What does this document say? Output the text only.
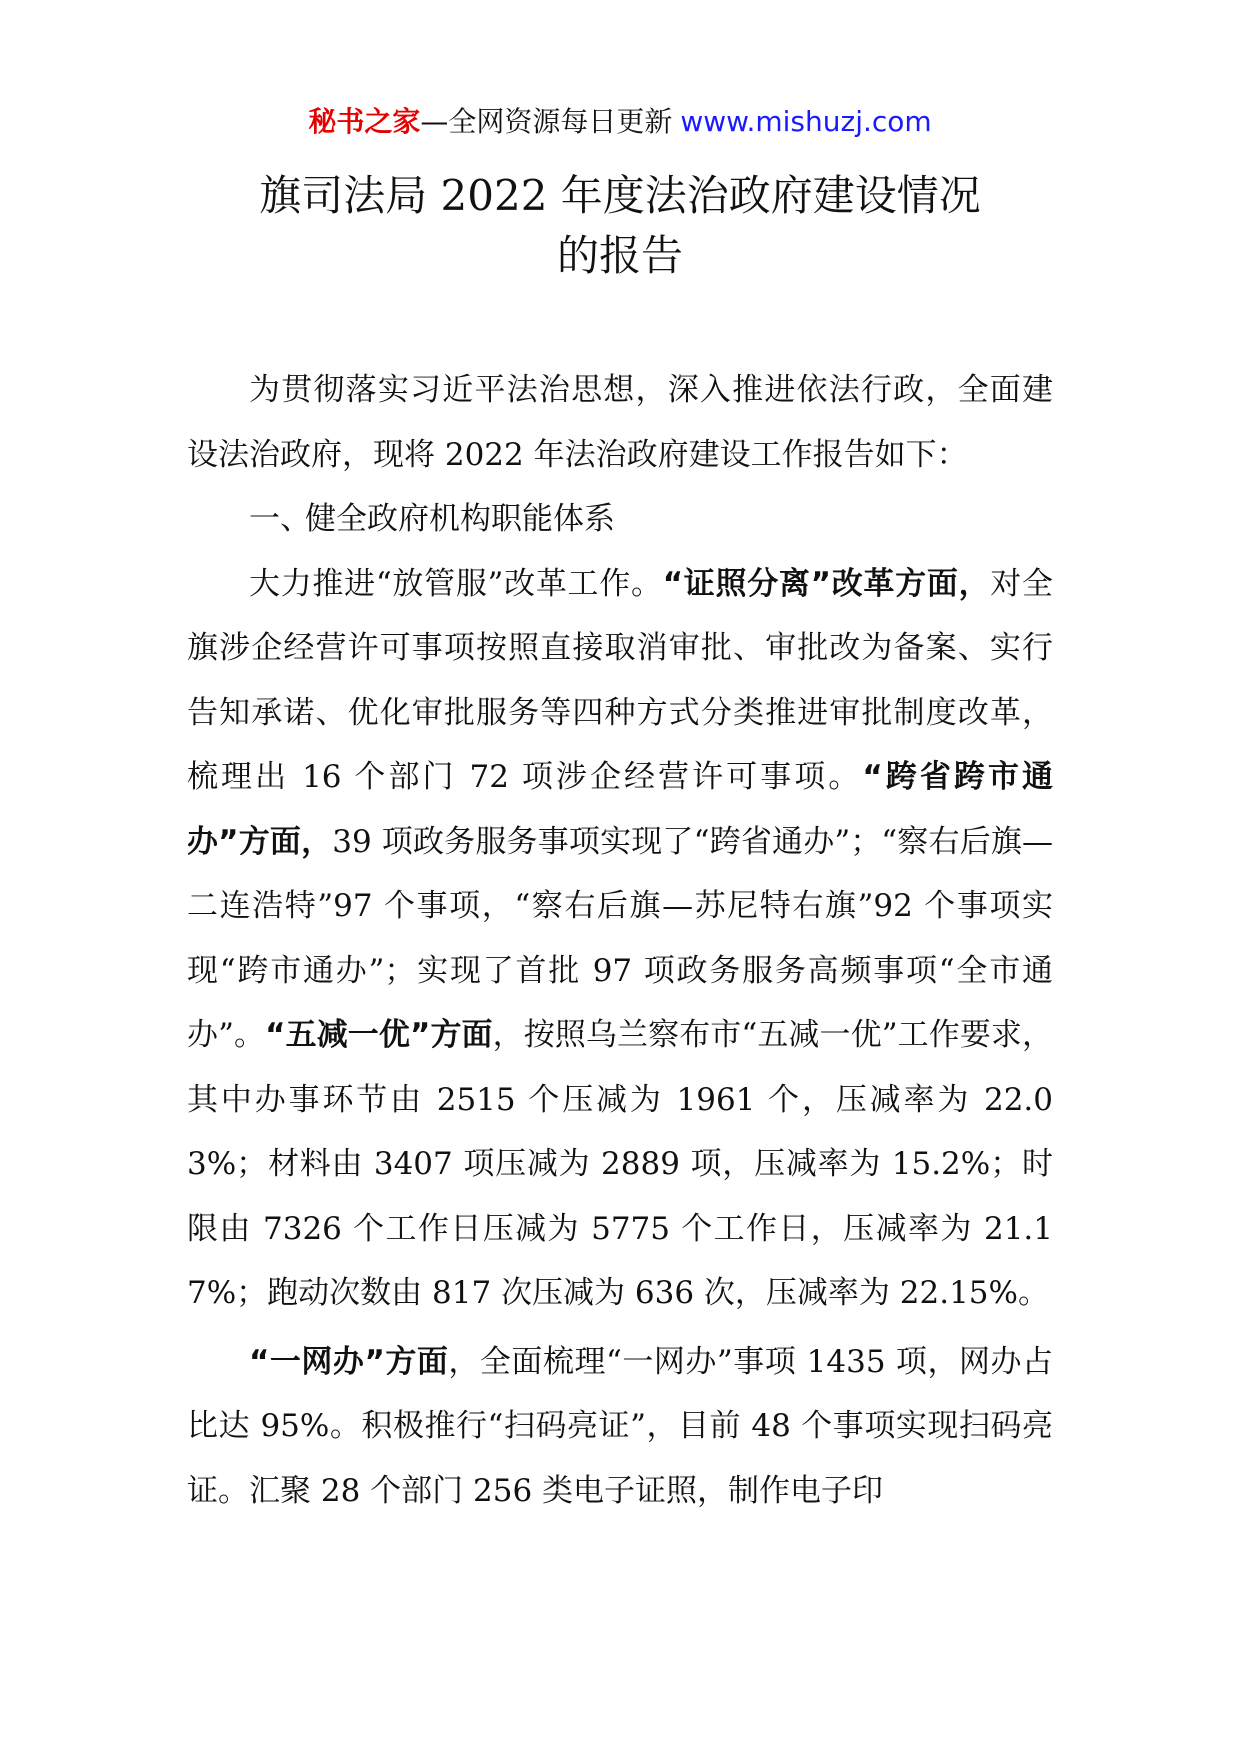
秘书之家—全网资源每日更新 www.mishuzj.com
旗司法局 2022 年度法治政府建设情况
的报告

为贯彻落实习近平法治思想，深入推进依法行政，全面建设法治政府，现将 2022 年法治政府建设工作报告如下：

一、健全政府机构职能体系

大力推进“放管服”改革工作。“证照分离”改革方面，对全旗涉企经营许可事项按照直接取消审批、审批改为备案、实行告知承诺、优化审批服务等四种方式分类推进审批制度改革，梳理出 16 个部门 72 项涉企经营许可事项。“跨省跨市通办”方面，39 项政务服务事项实现了“跨省通办”；“察右后旗—二连浩特”97 个事项，“察右后旗—苏尼特右旗”92 个事项实现“跨市通办”；实现了首批 97 项政务服务高频事项“全市通办”。“五减一优”方面，按照乌兰察布市“五减一优”工作要求，其中办事环节由 2515 个压减为 1961 个，压减率为 22.03%；材料由 3407 项压减为 2889 项，压减率为 15.2%；时限由 7326 个工作日压减为 5775 个工作日，压减率为 21.17%；跑动次数由 817 次压减为 636 次，压减率为 22.15%。

“一网办”方面，全面梳理“一网办”事项 1435 项，网办占比达 95%。积极推行“扫码亮证”，目前 48 个事项实现扫码亮证。汇聚 28 个部门 256 类电子证照，制作电子印
